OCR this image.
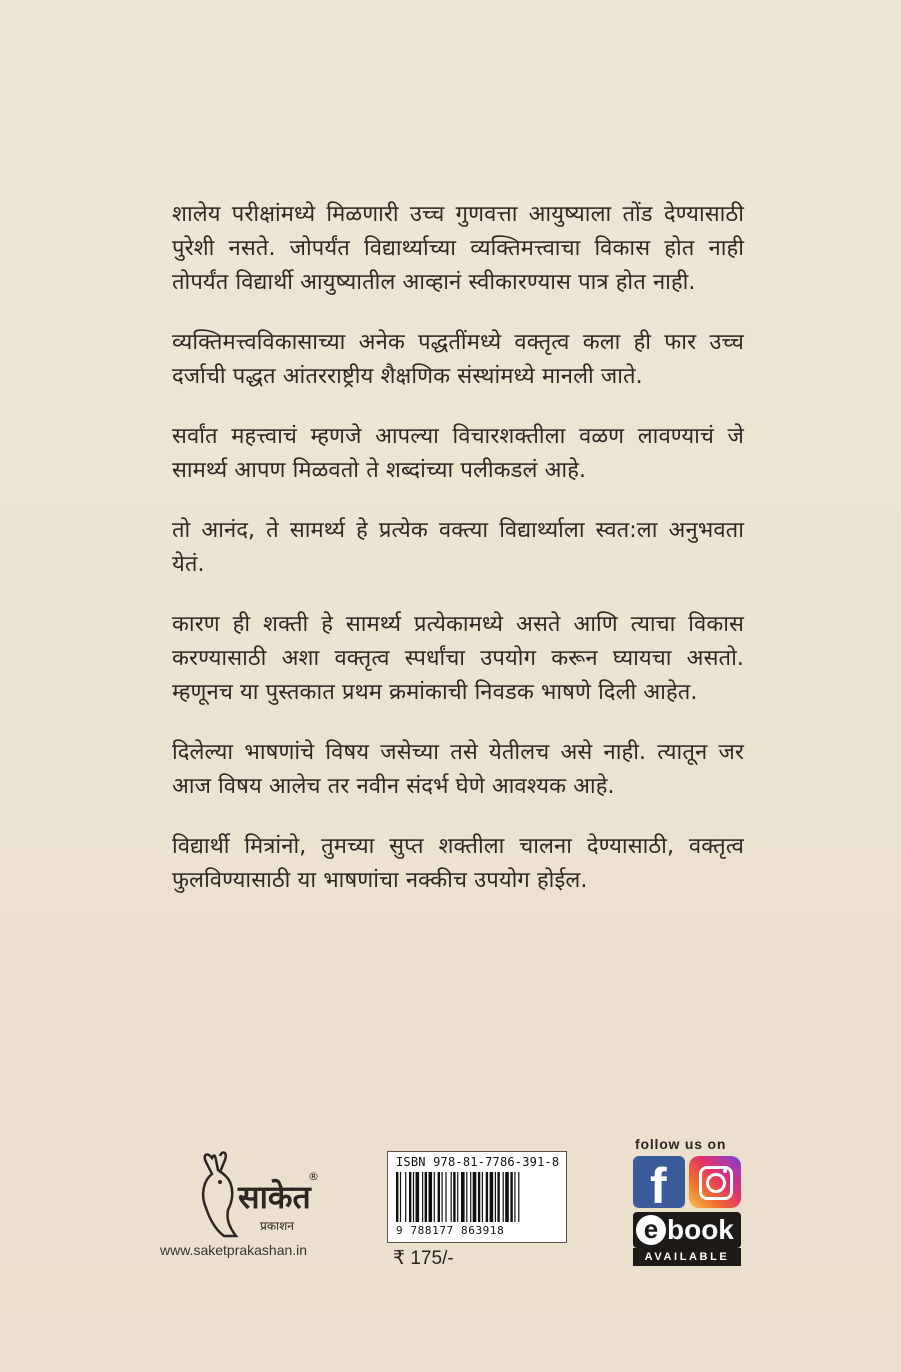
शालेय परीक्षांमध्ये मिळणारी उच्च गुणवत्ता आयुष्याला तोंड देण्यासाठी पुरेशी नसते. जोपर्यंत विद्यार्थ्याच्या व्यक्तिमत्त्वाचा विकास होत नाही तोपर्यंत विद्यार्थी आयुष्यातील आव्हानं स्वीकारण्यास पात्र होत नाही.

व्यक्तिमत्त्वविकासाच्या अनेक पद्धतींमध्ये वक्तृत्व कला ही फार उच्च दर्जाची पद्धत आंतरराष्ट्रीय शैक्षणिक संस्थांमध्ये मानली जाते.

सर्वांत महत्त्वाचं म्हणजे आपल्या विचारशक्तीला वळण लावण्याचं जे सामर्थ्य आपण मिळवतो ते शब्दांच्या पलीकडलं आहे.

तो आनंद, ते सामर्थ्य हे प्रत्येक वक्त्या विद्यार्थ्याला स्वत:ला अनुभवता येतं.

कारण ही शक्ती हे सामर्थ्य प्रत्येकामध्ये असते आणि त्याचा विकास करण्यासाठी अशा वक्तृत्व स्पर्धांचा उपयोग करून घ्यायचा असतो. म्हणूनच या पुस्तकात प्रथम क्रमांकाची निवडक भाषणे दिली आहेत.

दिलेल्या भाषणांचे विषय जसेच्या तसे येतीलच असे नाही. त्यातून जर आज विषय आलेच तर नवीन संदर्भ घेणे आवश्यक आहे.

विद्यार्थी मित्रांनो, तुमच्या सुप्त शक्तीला चालना देण्यासाठी, वक्तृत्व फुलविण्यासाठी या भाषणांचा नक्कीच उपयोग होईल.

साकेत
प्रकाशन
®
www.saketprakashan.in
ISBN 978-81-7786-391-8
9 788177 863918
₹ 175/-
follow us on
f
e book
AVAILABLE
